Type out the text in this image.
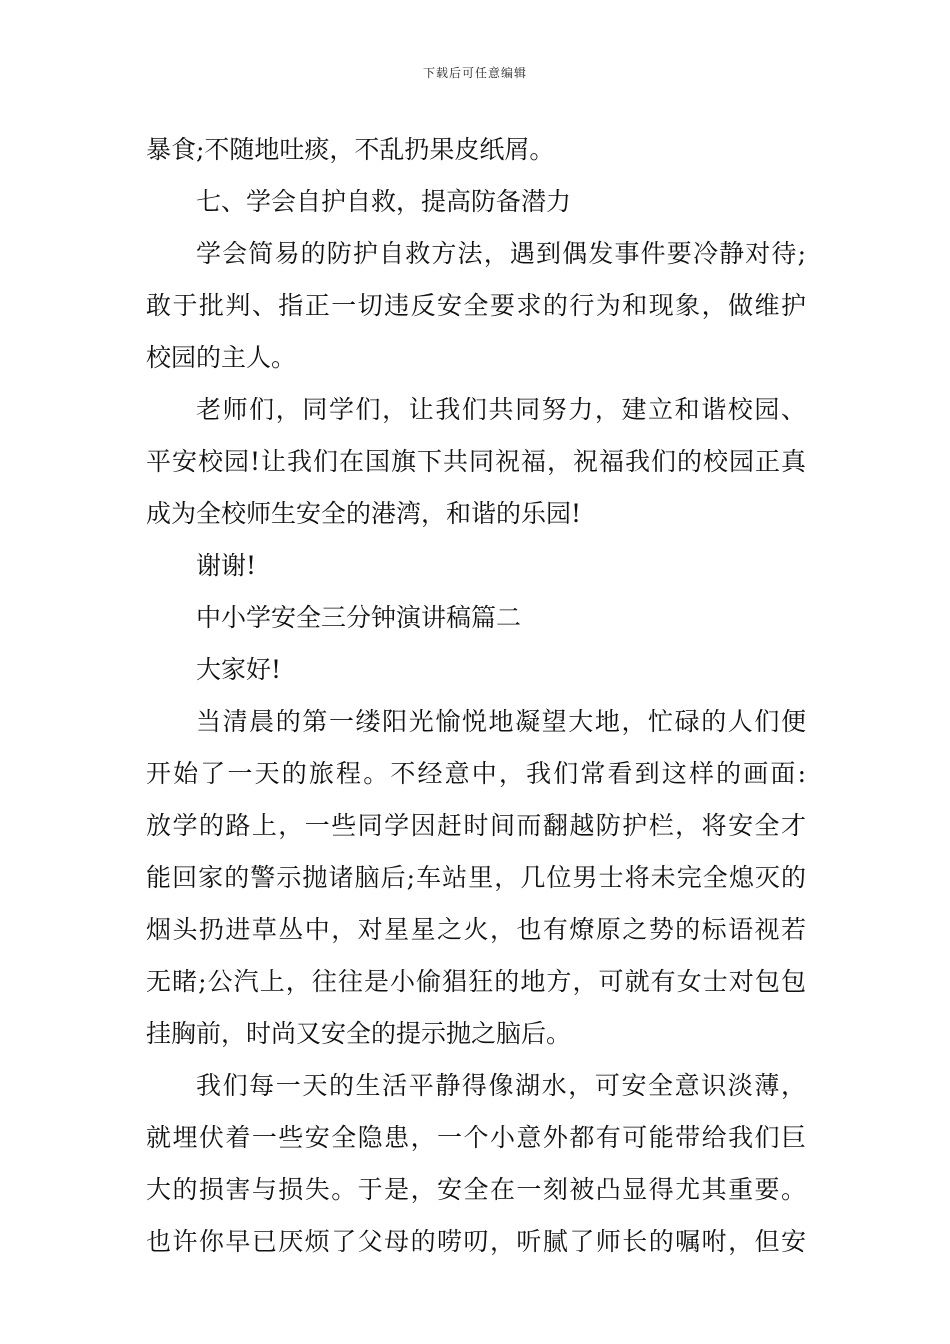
下载后可任意编辑
暴食;不随地吐痰，不乱扔果皮纸屑。
七、学会自护自救，提高防备潜力
学会简易的防护自救方法，遇到偶发事件要冷静对待;
敢于批判、指正一切违反安全要求的行为和现象，做维护
校园的主人。
老师们，同学们，让我们共同努力，建立和谐校园、
平安校园!让我们在国旗下共同祝福，祝福我们的校园正真
成为全校师生安全的港湾，和谐的乐园!
谢谢!
中小学安全三分钟演讲稿篇二
大家好!
当清晨的第一缕阳光愉悦地凝望大地，忙碌的人们便
开始了一天的旅程。不经意中，我们常看到这样的画面:
放学的路上，一些同学因赶时间而翻越防护栏，将安全才
能回家的警示抛诸脑后;车站里，几位男士将未完全熄灭的
烟头扔进草丛中，对星星之火，也有燎原之势的标语视若
无睹;公汽上，往往是小偷猖狂的地方，可就有女士对包包
挂胸前，时尚又安全的提示抛之脑后。
我们每一天的生活平静得像湖水，可安全意识淡薄，
就埋伏着一些安全隐患，一个小意外都有可能带给我们巨
大的损害与损失。于是，安全在一刻被凸显得尤其重要。
也许你早已厌烦了父母的唠叨，听腻了师长的嘱咐，但安
